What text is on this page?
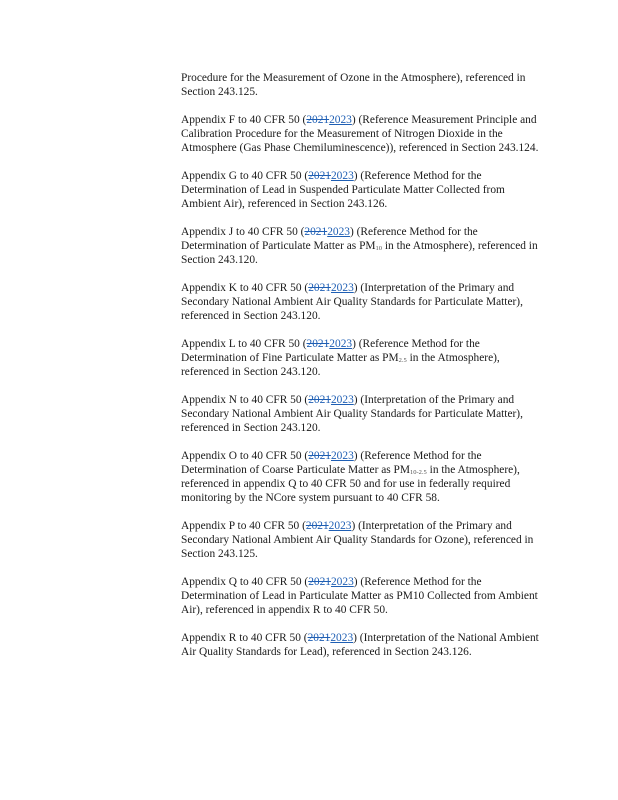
Procedure for the Measurement of Ozone in the Atmosphere), referenced in Section 243.125.

Appendix F to 40 CFR 50 (20212023) (Reference Measurement Principle and Calibration Procedure for the Measurement of Nitrogen Dioxide in the Atmosphere (Gas Phase Chemiluminescence)), referenced in Section 243.124.

Appendix G to 40 CFR 50 (20212023) (Reference Method for the Determination of Lead in Suspended Particulate Matter Collected from Ambient Air), referenced in Section 243.126.

Appendix J to 40 CFR 50 (20212023) (Reference Method for the Determination of Particulate Matter as $PM_{10}$ in the Atmosphere), referenced in Section 243.120.

Appendix K to 40 CFR 50 (20212023) (Interpretation of the Primary and Secondary National Ambient Air Quality Standards for Particulate Matter), referenced in Section 243.120.

Appendix L to 40 CFR 50 (20212023) (Reference Method for the Determination of Fine Particulate Matter as $PM_{2.5}$ in the Atmosphere), referenced in Section 243.120.

Appendix N to 40 CFR 50 (20212023) (Interpretation of the Primary and Secondary National Ambient Air Quality Standards for Particulate Matter), referenced in Section 243.120.

Appendix O to 40 CFR 50 (20212023) (Reference Method for the Determination of Coarse Particulate Matter as $PM_{10-2.5}$ in the Atmosphere), referenced in appendix Q to 40 CFR 50 and for use in federally required monitoring by the NCore system pursuant to 40 CFR 58.

Appendix P to 40 CFR 50 (20212023) (Interpretation of the Primary and Secondary National Ambient Air Quality Standards for Ozone), referenced in Section 243.125.

Appendix Q to 40 CFR 50 (20212023) (Reference Method for the Determination of Lead in Particulate Matter as PM10 Collected from Ambient Air), referenced in appendix R to 40 CFR 50.

Appendix R to 40 CFR 50 (20212023) (Interpretation of the National Ambient Air Quality Standards for Lead), referenced in Section 243.126.
